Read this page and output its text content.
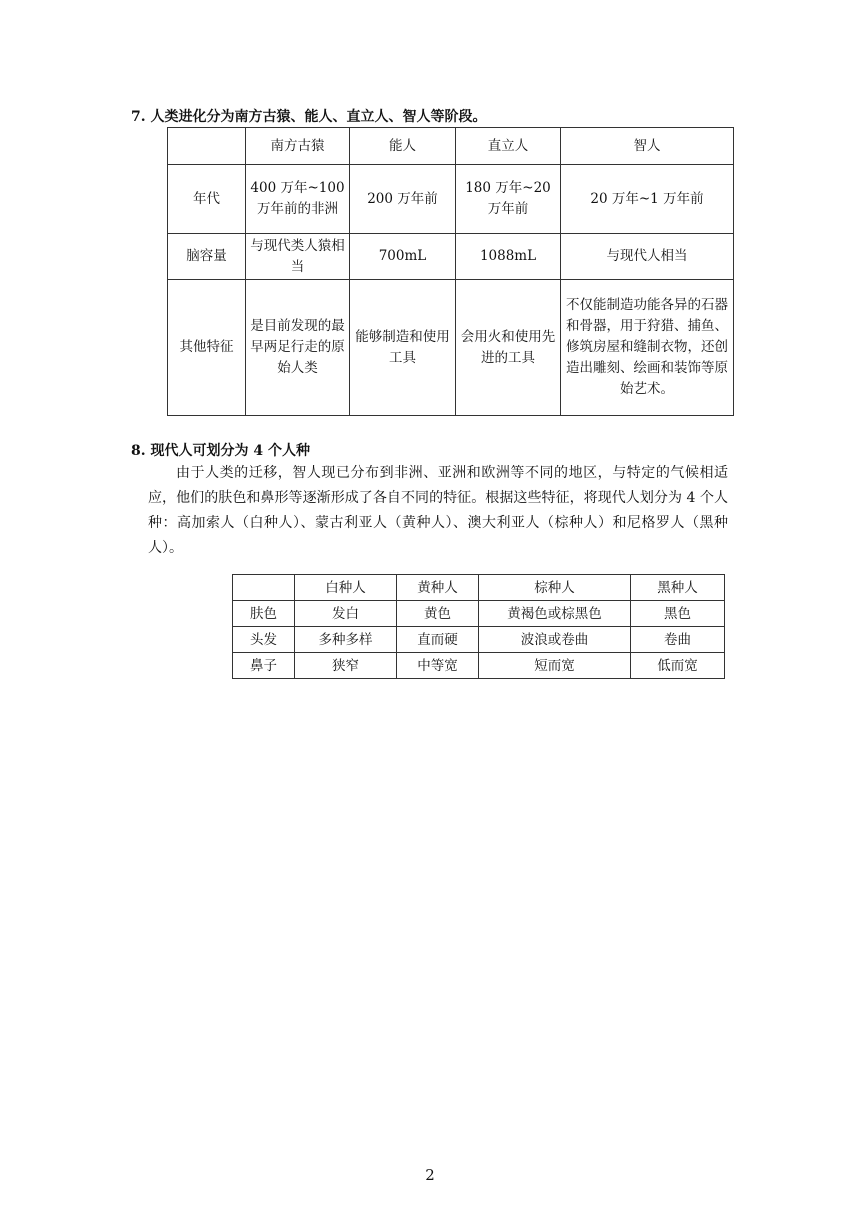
7. 人类进化分为南方古猿、能人、直立人、智人等阶段。
	南方古猿	能人	直立人	智人
年代	400 万年~100 万年前的非洲	200 万年前	180 万年~20 万年前	20 万年~1 万年前
脑容量	与现代类人猿相当	700mL	1088mL	与现代人相当
其他特征	是目前发现的最早两足行走的原始人类	能够制造和使用工具	会用火和使用先进的工具	不仅能制造功能各异的石器和骨器，用于狩猎、捕鱼、修筑房屋和缝制衣物，还创造出雕刻、绘画和装饰等原始艺术。
8. 现代人可划分为 4 个人种
由于人类的迁移，智人现已分布到非洲、亚洲和欧洲等不同的地区，与特定的气候相适应，他们的肤色和鼻形等逐渐形成了各自不同的特征。根据这些特征，将现代人划分为 4 个人种：高加索人（白种人）、蒙古利亚人（黄种人）、澳大利亚人（棕种人）和尼格罗人（黑种人）。
	白种人	黄种人	棕种人	黑种人
肤色	发白	黄色	黄褐色或棕黑色	黑色
头发	多种多样	直而硬	波浪或卷曲	卷曲
鼻子	狭窄	中等宽	短而宽	低而宽
2
